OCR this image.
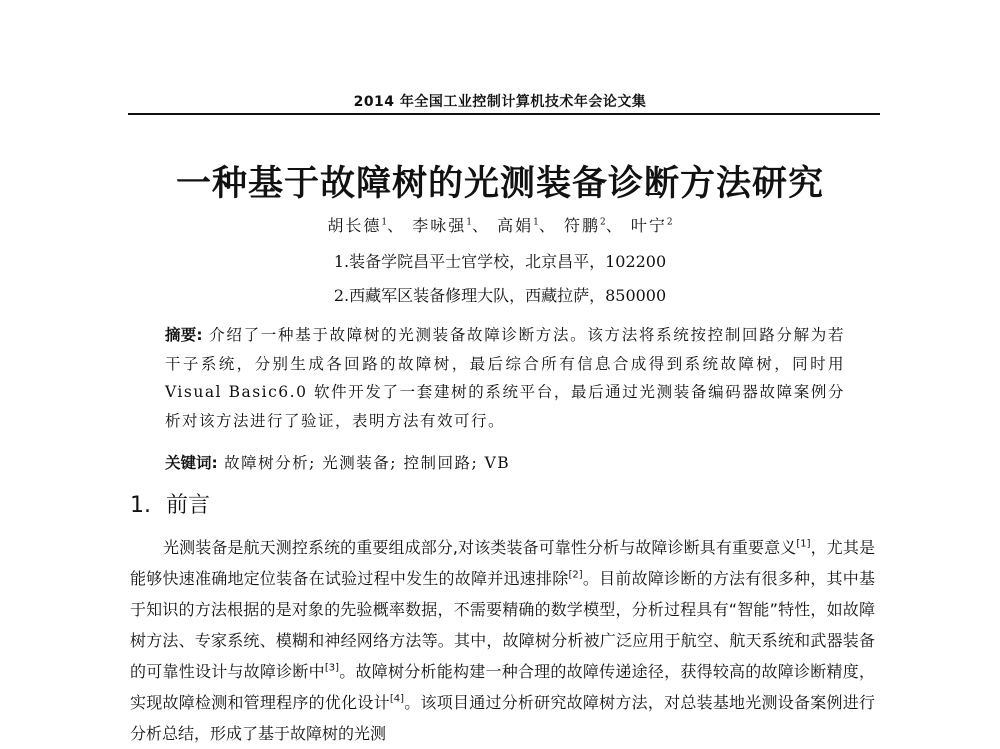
2014 年全国工业控制计算机技术年会论文集
一种基于故障树的光测装备诊断方法研究
胡长德$^1$、 李咏强$^1$、 高娟$^1$、 符鹏$^2$、 叶宁$^2$
1.装备学院昌平士官学校，北京昌平，102200
2.西藏军区装备修理大队，西藏拉萨，850000

摘要: 介绍了一种基于故障树的光测装备故障诊断方法。该方法将系统按控制回路分解为若干子系统，分别生成各回路的故障树，最后综合所有信息合成得到系统故障树，同时用 Visual Basic6.0 软件开发了一套建树的系统平台，最后通过光测装备编码器故障案例分析对该方法进行了验证，表明方法有效可行。

关键词: 故障树分析; 光测装备; 控制回路; VB

1. 前言

光测装备是航天测控系统的重要组成部分,对该类装备可靠性分析与故障诊断具有重要意义[1]，尤其是能够快速准确地定位装备在试验过程中发生的故障并迅速排除[2]。目前故障诊断的方法有很多种，其中基于知识的方法根据的是对象的先验概率数据，不需要精确的数学模型，分析过程具有“智能”特性，如故障树方法、专家系统、模糊和神经网络方法等。其中，故障树分析被广泛应用于航空、航天系统和武器装备的可靠性设计与故障诊断中[3]。故障树分析能构建一种合理的故障传递途径，获得较高的故障诊断精度，实现故障检测和管理程序的优化设计[4]。该项目通过分析研究故障树方法，对总装基地光测设备案例进行分析总结，形成了基于故障树的光测
